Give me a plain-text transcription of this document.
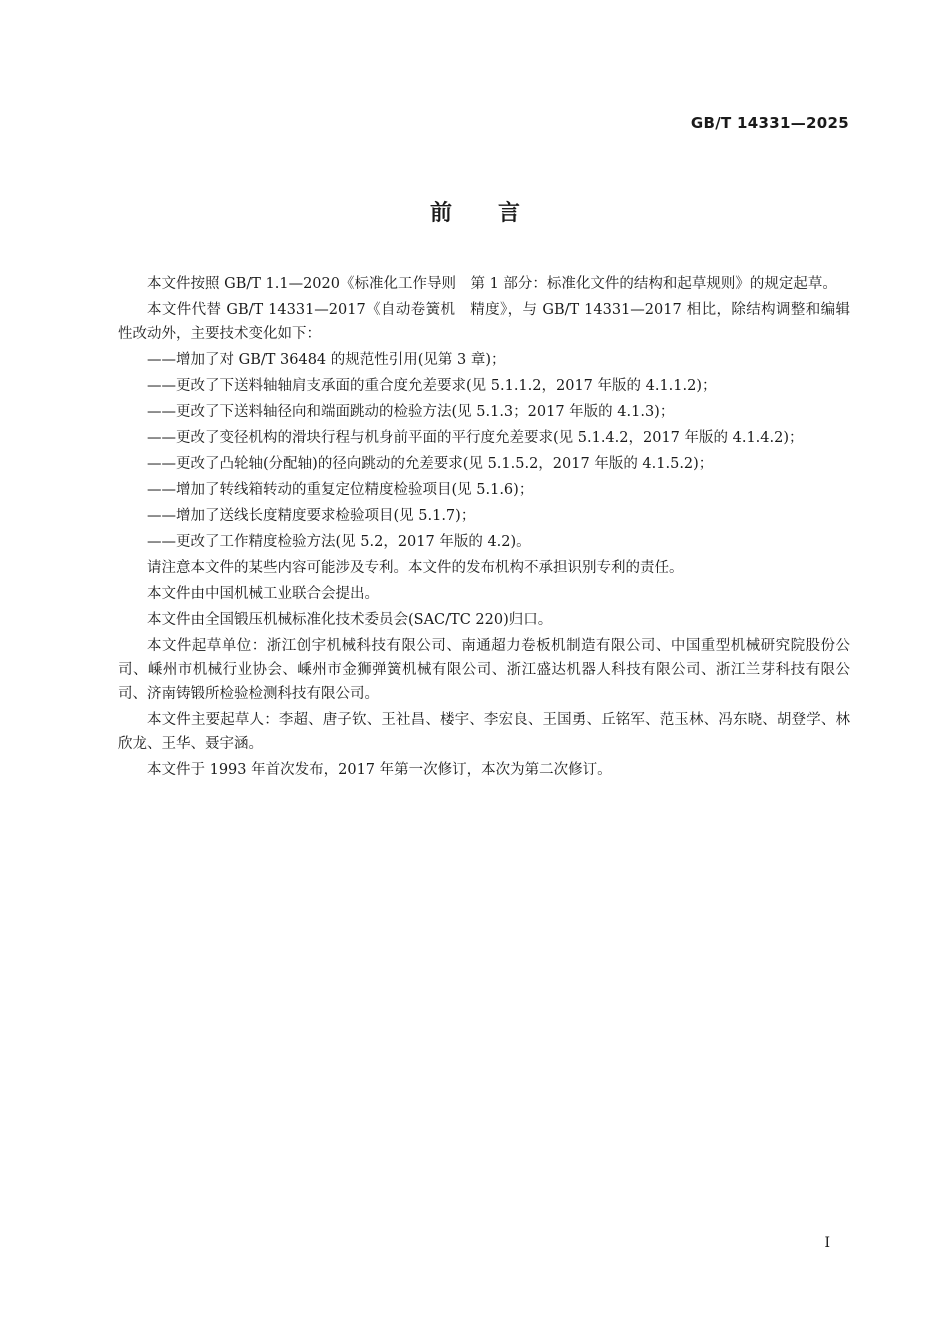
GB/T 14331—2025
前言

本文件按照 GB/T 1.1—2020《标准化工作导则　第 1 部分：标准化文件的结构和起草规则》的规定起草。

本文件代替 GB/T 14331—2017《自动卷簧机　精度》，与 GB/T 14331—2017 相比，除结构调整和编辑性改动外，主要技术变化如下：

——增加了对 GB/T 36484 的规范性引用(见第 3 章)；

——更改了下送料轴轴肩支承面的重合度允差要求(见 5.1.1.2，2017 年版的 4.1.1.2)；

——更改了下送料轴径向和端面跳动的检验方法(见 5.1.3；2017 年版的 4.1.3)；

——更改了变径机构的滑块行程与机身前平面的平行度允差要求(见 5.1.4.2，2017 年版的 4.1.4.2)；

——更改了凸轮轴(分配轴)的径向跳动的允差要求(见 5.1.5.2，2017 年版的 4.1.5.2)；

——增加了转线箱转动的重复定位精度检验项目(见 5.1.6)；

——增加了送线长度精度要求检验项目(见 5.1.7)；

——更改了工作精度检验方法(见 5.2，2017 年版的 4.2)。

请注意本文件的某些内容可能涉及专利。本文件的发布机构不承担识别专利的责任。

本文件由中国机械工业联合会提出。

本文件由全国锻压机械标准化技术委员会(SAC/TC 220)归口。

本文件起草单位：浙江创宇机械科技有限公司、南通超力卷板机制造有限公司、中国重型机械研究院股份公司、嵊州市机械行业协会、嵊州市金狮弹簧机械有限公司、浙江盛达机器人科技有限公司、浙江兰芽科技有限公司、济南铸锻所检验检测科技有限公司。

本文件主要起草人：李超、唐子钦、王社昌、楼宇、李宏良、王国勇、丘铭军、范玉林、冯东晓、胡登学、林欣龙、王华、聂宇涵。

本文件于 1993 年首次发布，2017 年第一次修订，本次为第二次修订。

I
